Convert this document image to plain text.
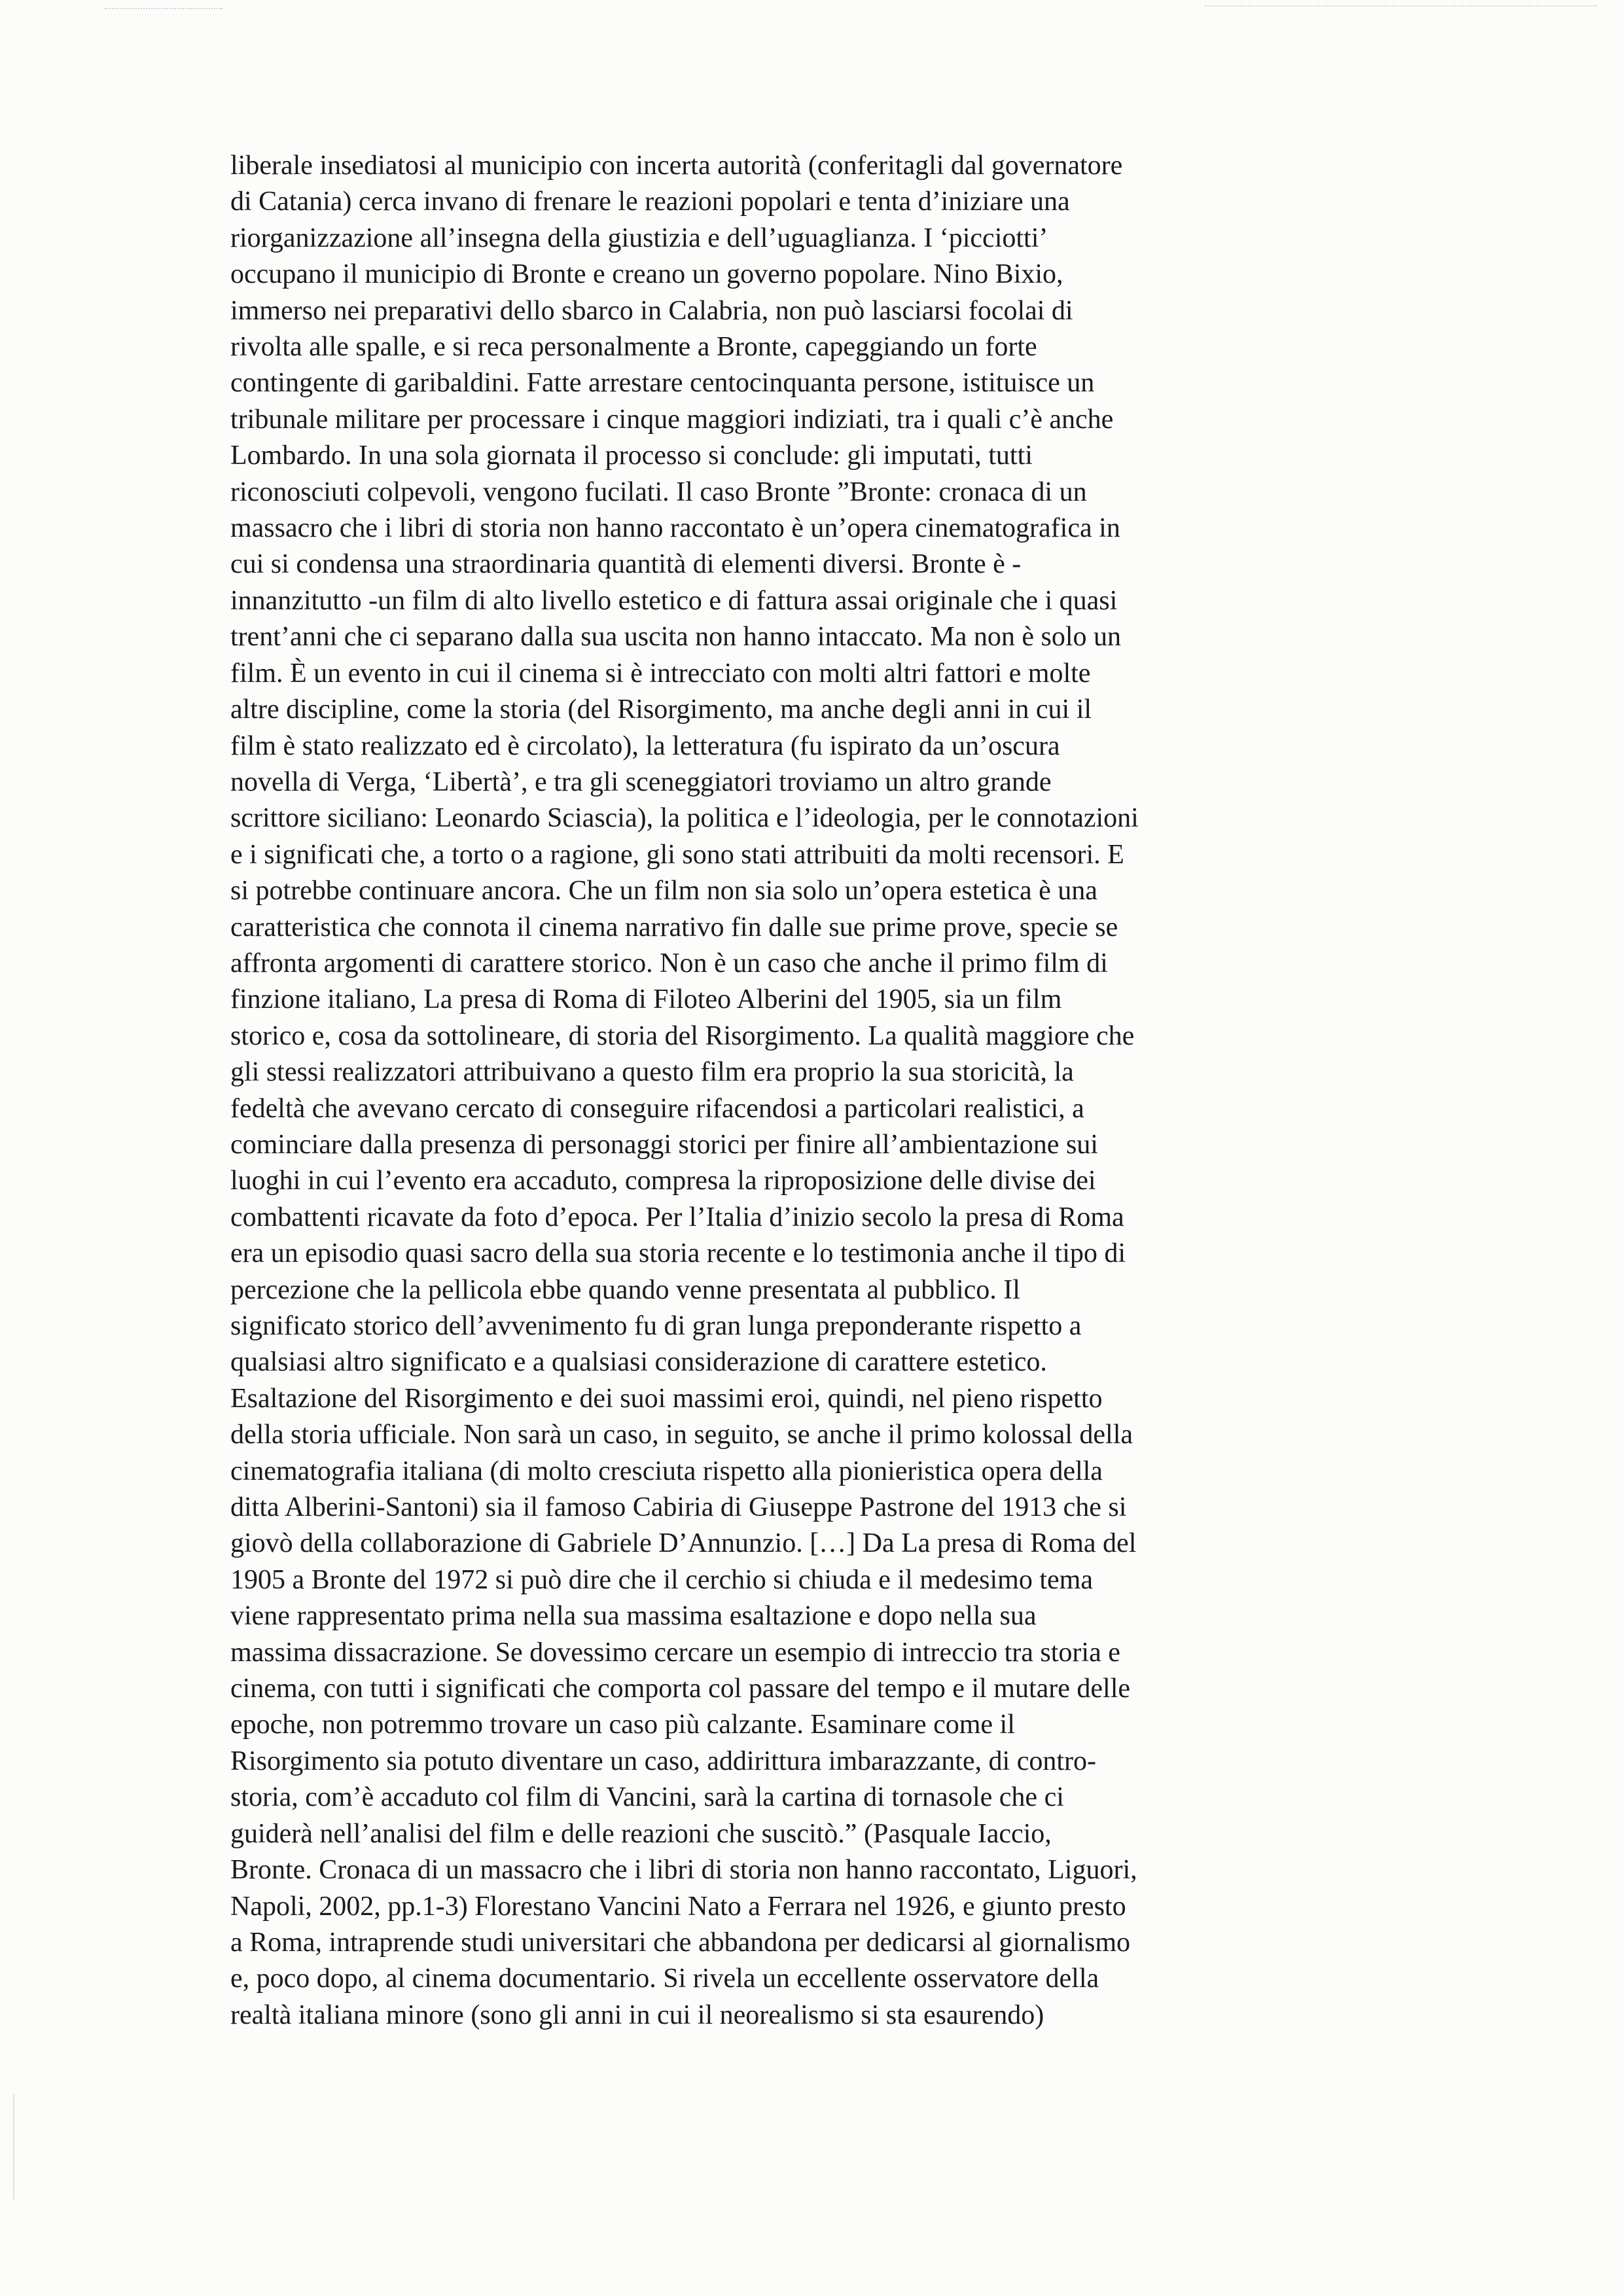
liberale insediatosi al municipio con incerta autorità (conferitagli dal governatore
di Catania) cerca invano di frenare le reazioni popolari e tenta d’iniziare una
riorganizzazione all’insegna della giustizia e dell’uguaglianza. I ‘picciotti’
occupano il municipio di Bronte e creano un governo popolare. Nino Bixio,
immerso nei preparativi dello sbarco in Calabria, non può lasciarsi focolai di
rivolta alle spalle, e si reca personalmente a Bronte, capeggiando un forte
contingente di garibaldini. Fatte arrestare centocinquanta persone, istituisce un
tribunale militare per processare i cinque maggiori indiziati, tra i quali c’è anche
Lombardo. In una sola giornata il processo si conclude: gli imputati, tutti
riconosciuti colpevoli, vengono fucilati. Il caso Bronte ”Bronte: cronaca di un
massacro che i libri di storia non hanno raccontato è un’opera cinematografica in
cui si condensa una straordinaria quantità di elementi diversi. Bronte è -
innanzitutto -un film di alto livello estetico e di fattura assai originale che i quasi
trent’anni che ci separano dalla sua uscita non hanno intaccato. Ma non è solo un
film. È un evento in cui il cinema si è intrecciato con molti altri fattori e molte
altre discipline, come la storia (del Risorgimento, ma anche degli anni in cui il
film è stato realizzato ed è circolato), la letteratura (fu ispirato da un’oscura
novella di Verga, ‘Libertà’, e tra gli sceneggiatori troviamo un altro grande
scrittore siciliano: Leonardo Sciascia), la politica e l’ideologia, per le connotazioni
e i significati che, a torto o a ragione, gli sono stati attribuiti da molti recensori. E
si potrebbe continuare ancora. Che un film non sia solo un’opera estetica è una
caratteristica che connota il cinema narrativo fin dalle sue prime prove, specie se
affronta argomenti di carattere storico. Non è un caso che anche il primo film di
finzione italiano, La presa di Roma di Filoteo Alberini del 1905, sia un film
storico e, cosa da sottolineare, di storia del Risorgimento. La qualità maggiore che
gli stessi realizzatori attribuivano a questo film era proprio la sua storicità, la
fedeltà che avevano cercato di conseguire rifacendosi a particolari realistici, a
cominciare dalla presenza di personaggi storici per finire all’ambientazione sui
luoghi in cui l’evento era accaduto, compresa la riproposizione delle divise dei
combattenti ricavate da foto d’epoca. Per l’Italia d’inizio secolo la presa di Roma
era un episodio quasi sacro della sua storia recente e lo testimonia anche il tipo di
percezione che la pellicola ebbe quando venne presentata al pubblico. Il
significato storico dell’avvenimento fu di gran lunga preponderante rispetto a
qualsiasi altro significato e a qualsiasi considerazione di carattere estetico.
Esaltazione del Risorgimento e dei suoi massimi eroi, quindi, nel pieno rispetto
della storia ufficiale. Non sarà un caso, in seguito, se anche il primo kolossal della
cinematografia italiana (di molto cresciuta rispetto alla pionieristica opera della
ditta Alberini-Santoni) sia il famoso Cabiria di Giuseppe Pastrone del 1913 che si
giovò della collaborazione di Gabriele D’Annunzio. […] Da La presa di Roma del
1905 a Bronte del 1972 si può dire che il cerchio si chiuda e il medesimo tema
viene rappresentato prima nella sua massima esaltazione e dopo nella sua
massima dissacrazione. Se dovessimo cercare un esempio di intreccio tra storia e
cinema, con tutti i significati che comporta col passare del tempo e il mutare delle
epoche, non potremmo trovare un caso più calzante. Esaminare come il
Risorgimento sia potuto diventare un caso, addirittura imbarazzante, di contro-
storia, com’è accaduto col film di Vancini, sarà la cartina di tornasole che ci
guiderà nell’analisi del film e delle reazioni che suscitò.” (Pasquale Iaccio,
Bronte. Cronaca di un massacro che i libri di storia non hanno raccontato, Liguori,
Napoli, 2002, pp.1-3) Florestano Vancini Nato a Ferrara nel 1926, e giunto presto
a Roma, intraprende studi universitari che abbandona per dedicarsi al giornalismo
e, poco dopo, al cinema documentario. Si rivela un eccellente osservatore della
realtà italiana minore (sono gli anni in cui il neorealismo si sta esaurendo)
